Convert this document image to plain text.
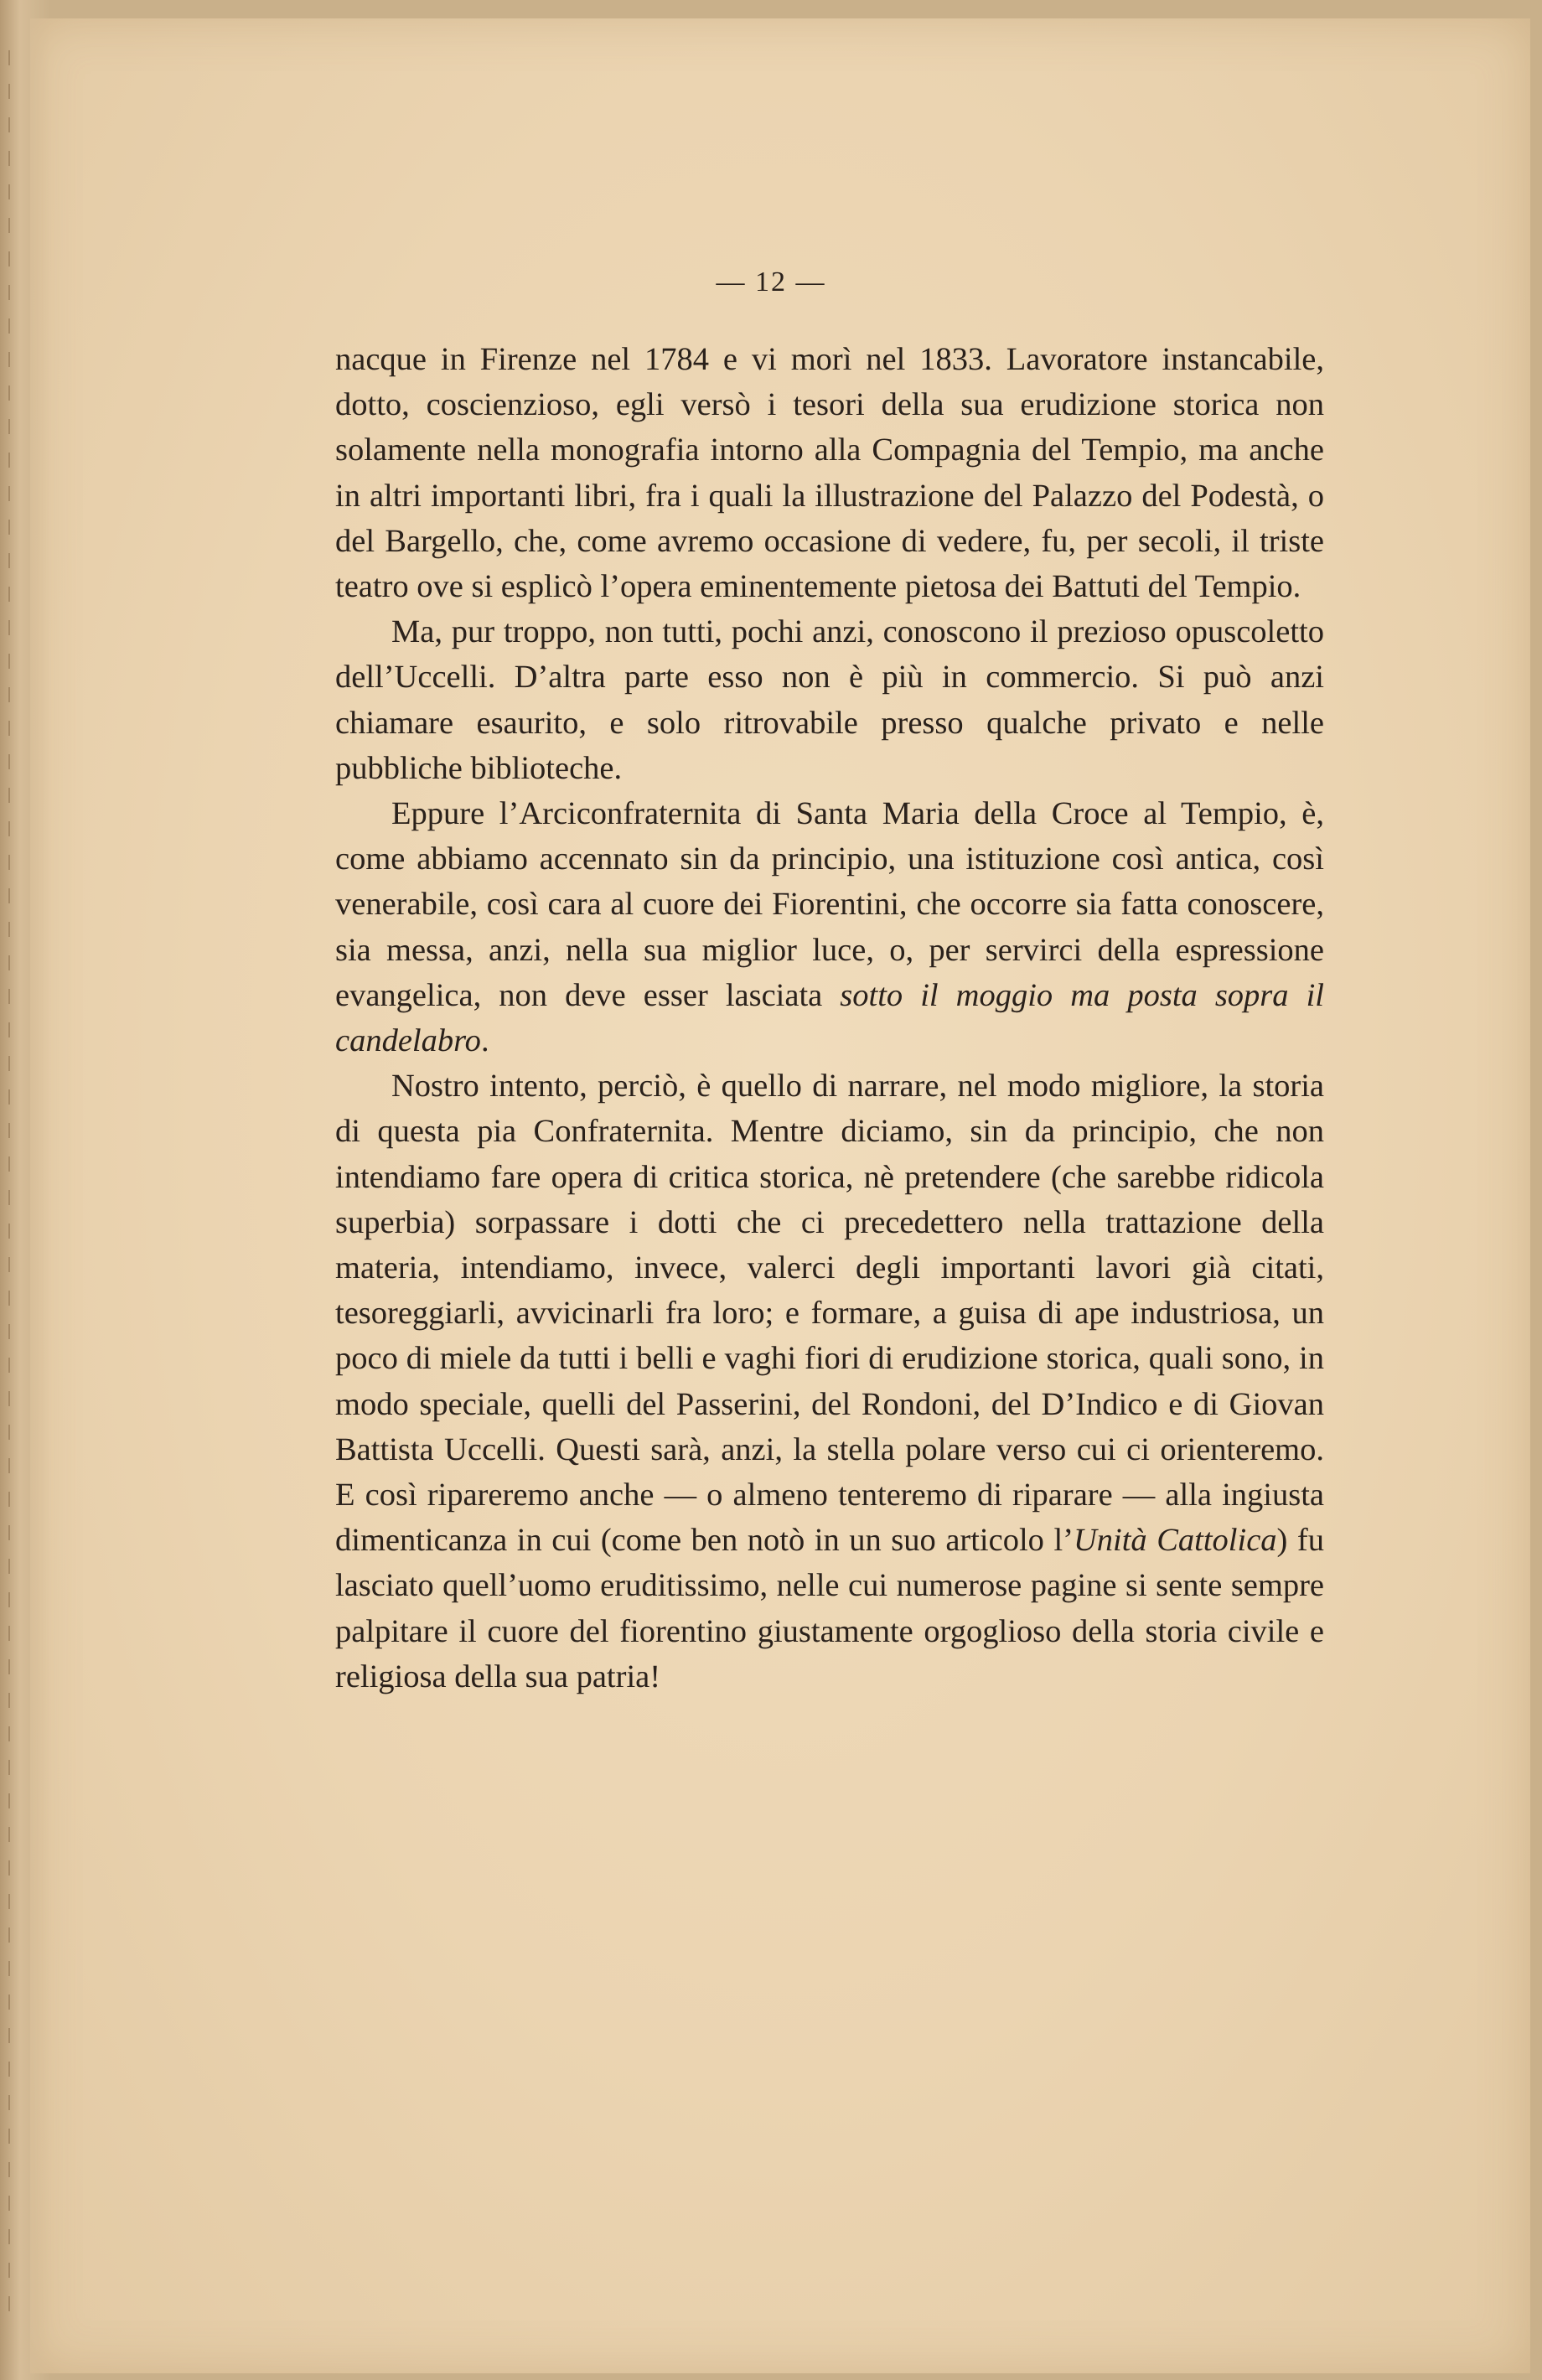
— 12 —

nacque in Firenze nel 1784 e vi morì nel 1833. Lavoratore instancabile, dotto, coscienzioso, egli versò i tesori della sua erudizione storica non solamente nella monografia intorno alla Compagnia del Tempio, ma anche in altri importanti libri, fra i quali la illustrazione del Palazzo del Podestà, o del Bargello, che, come avremo occasione di vedere, fu, per secoli, il triste teatro ove si esplicò l’opera eminentemente pietosa dei Battuti del Tempio.

Ma, pur troppo, non tutti, pochi anzi, conoscono il prezioso opuscoletto dell’Uccelli. D’altra parte esso non è più in commercio. Si può anzi chiamare esaurito, e solo ritrovabile presso qualche privato e nelle pubbliche biblioteche.

Eppure l’Arciconfraternita di Santa Maria della Croce al Tempio, è, come abbiamo accennato sin da principio, una istituzione così antica, così venerabile, così cara al cuore dei Fiorentini, che occorre sia fatta conoscere, sia messa, anzi, nella sua miglior luce, o, per servirci della espressione evangelica, non deve esser lasciata sotto il moggio ma posta sopra il candelabro.

Nostro intento, perciò, è quello di narrare, nel modo migliore, la storia di questa pia Confraternita. Mentre diciamo, sin da principio, che non intendiamo fare opera di critica storica, nè pretendere (che sarebbe ridicola superbia) sorpassare i dotti che ci precedettero nella trattazione della materia, intendiamo, invece, valerci degli importanti lavori già citati, tesoreggiarli, avvicinarli fra loro; e formare, a guisa di ape industriosa, un poco di miele da tutti i belli e vaghi fiori di erudizione storica, quali sono, in modo speciale, quelli del Passerini, del Rondoni, del D’Indico e di Giovan Battista Uccelli. Questi sarà, anzi, la stella polare verso cui ci orienteremo. E così ripareremo anche — o almeno tenteremo di riparare — alla ingiusta dimenticanza in cui (come ben notò in un suo articolo l’Unità Cattolica) fu lasciato quell’uomo eruditissimo, nelle cui numerose pagine si sente sempre palpitare il cuore del fiorentino giustamente orgoglioso della storia civile e religiosa della sua patria!
